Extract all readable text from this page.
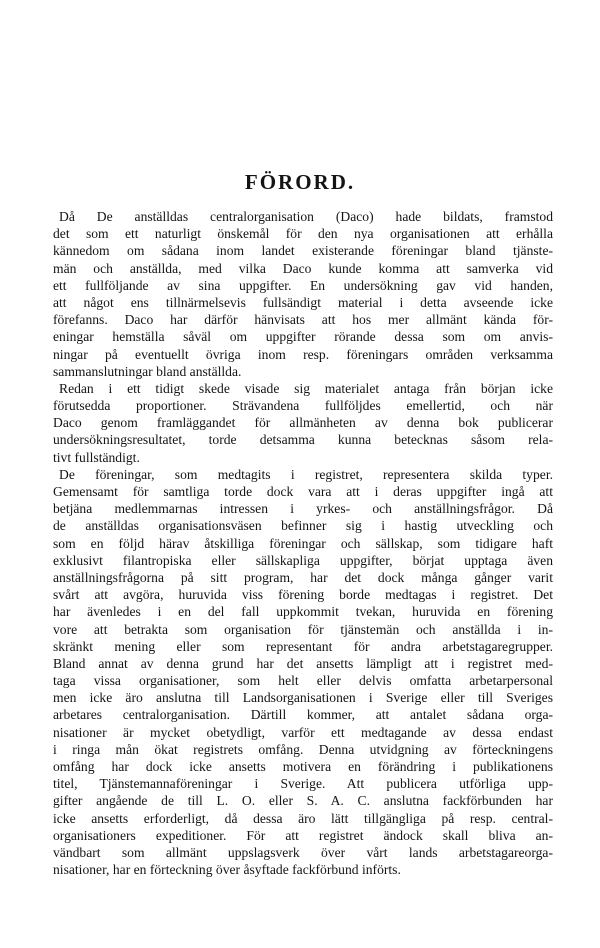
FÖRORD.
Då De anställdas centralorganisation (Daco) hade bildats, framstod
det som ett naturligt önskemål för den nya organisationen att erhålla
kännedom om sådana inom landet existerande föreningar bland tjänste-
män och anställda, med vilka Daco kunde komma att samverka vid
ett fullföljande av sina uppgifter. En undersökning gav vid handen,
att något ens tillnärmelsevis fullsändigt material i detta avseende icke
förefanns. Daco har därför hänvisats att hos mer allmänt kända för-
eningar hemställa såväl om uppgifter rörande dessa som om anvis-
ningar på eventuellt övriga inom resp. föreningars områden verksamma
sammanslutningar bland anställda.
Redan i ett tidigt skede visade sig materialet antaga från början icke
förutsedda proportioner. Strävandena fullföljdes emellertid, och när
Daco genom framläggandet för allmänheten av denna bok publicerar
undersökningsresultatet, torde detsamma kunna betecknas såsom rela-
tivt fullständigt.
De föreningar, som medtagits i registret, representera skilda typer.
Gemensamt för samtliga torde dock vara att i deras uppgifter ingå att
betjäna medlemmarnas intressen i yrkes- och anställningsfrågor. Då
de anställdas organisationsväsen befinner sig i hastig utveckling och
som en följd härav åtskilliga föreningar och sällskap, som tidigare haft
exklusivt filantropiska eller sällskapliga uppgifter, börjat upptaga även
anställningsfrågorna på sitt program, har det dock många gånger varit
svårt att avgöra, huruvida viss förening borde medtagas i registret. Det
har ävenledes i en del fall uppkommit tvekan, huruvida en förening
vore att betrakta som organisation för tjänstemän och anställda i in-
skränkt mening eller som representant för andra arbetstagaregrupper.
Bland annat av denna grund har det ansetts lämpligt att i registret med-
taga vissa organisationer, som helt eller delvis omfatta arbetarpersonal
men icke äro anslutna till Landsorganisationen i Sverige eller till Sveriges
arbetares centralorganisation. Därtill kommer, att antalet sådana orga-
nisationer är mycket obetydligt, varför ett medtagande av dessa endast
i ringa mån ökat registrets omfång. Denna utvidgning av förteckningens
omfång har dock icke ansetts motivera en förändring i publikationens
titel, Tjänstemannaföreningar i Sverige. Att publicera utförliga upp-
gifter angående de till L. O. eller S. A. C. anslutna fackförbunden har
icke ansetts erforderligt, då dessa äro lätt tillgängliga på resp. central-
organisationers expeditioner. För att registret ändock skall bliva an-
vändbart som allmänt uppslagsverk över vårt lands arbetstagareorga-
nisationer, har en förteckning över åsyftade fackförbund införts.
